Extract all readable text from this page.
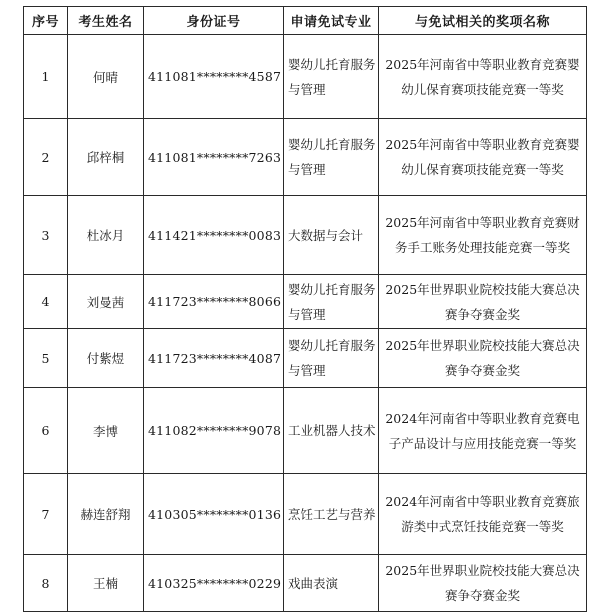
序号	考生姓名	身份证号	申请免试专业	与免试相关的奖项名称
1	何晴	411081********4587	婴幼儿托育服务与管理	2025年河南省中等职业教育竞赛婴幼儿保育赛项技能竞赛一等奖
2	邱梓桐	411081********7263	婴幼儿托育服务与管理	2025年河南省中等职业教育竞赛婴幼儿保育赛项技能竞赛一等奖
3	杜冰月	411421********0083	大数据与会计	2025年河南省中等职业教育竞赛财务手工账务处理技能竞赛一等奖
4	刘曼茜	411723********8066	婴幼儿托育服务与管理	2025年世界职业院校技能大赛总决赛争夺赛金奖
5	付紫煜	411723********4087	婴幼儿托育服务与管理	2025年世界职业院校技能大赛总决赛争夺赛金奖
6	李博	411082********9078	工业机器人技术	2024年河南省中等职业教育竞赛电子产品设计与应用技能竞赛一等奖
7	赫连舒翔	410305********0136	烹饪工艺与营养	2024年河南省中等职业教育竞赛旅游类中式烹饪技能竞赛一等奖
8	王楠	410325********0229	戏曲表演	2025年世界职业院校技能大赛总决赛争夺赛金奖
